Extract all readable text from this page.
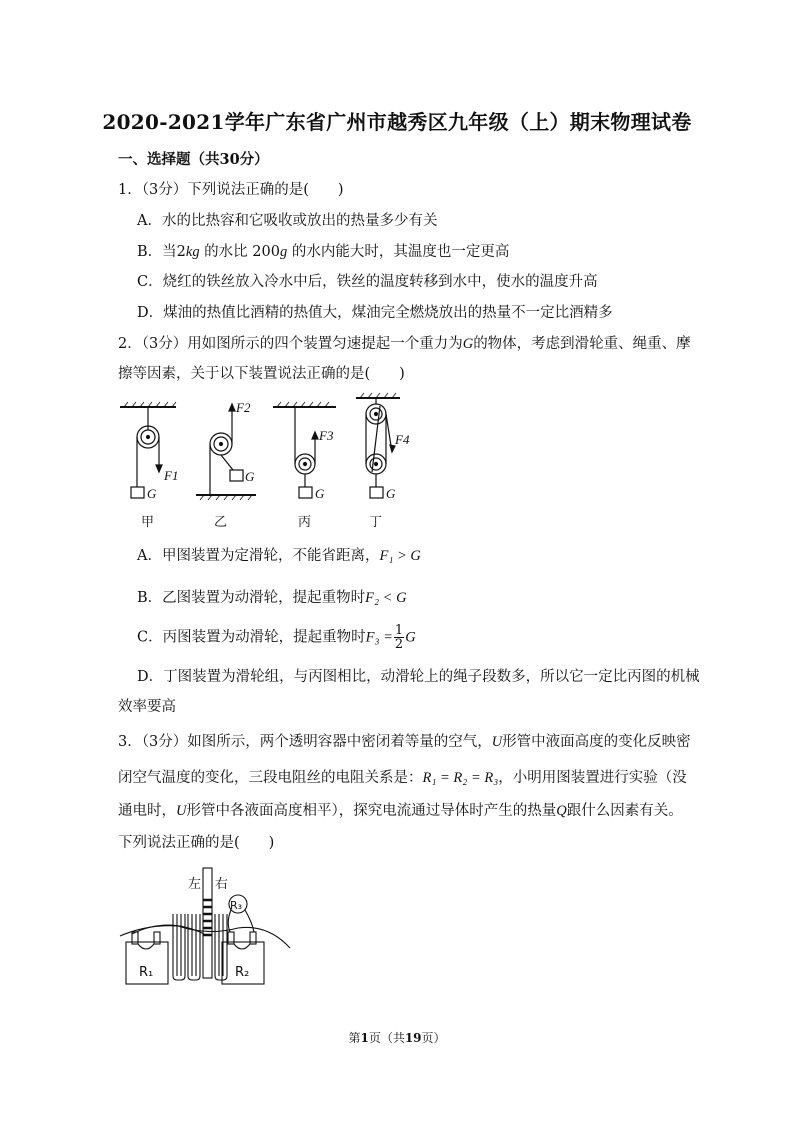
2020-2021学年广东省广州市越秀区九年级（上）期末物理试卷
一、选择题（共30分）
1．（3分）下列说法正确的是(　　)
A．水的比热容和它吸收或放出的热量多少有关
B．当2kg 的水比 200g 的水内能大时，其温度也一定更高
C．烧红的铁丝放入冷水中后，铁丝的温度转移到水中，使水的温度升高
D．煤油的热值比酒精的热值大，煤油完全燃烧放出的热量不一定比酒精多
2．（3分）用如图所示的四个装置匀速提起一个重力为G的物体，考虑到滑轮重、绳重、摩
擦等因素，关于以下装置说法正确的是(　　)
F1
F2
F3	F4
G
G
G	G
甲	乙	丙	丁
A．甲图装置为定滑轮，不能省距离，F₁ > G
B．乙图装置为动滑轮，提起重物时F₂ < G
C．丙图装置为动滑轮，提起重物时$F_3 = \frac{1}{2}$ G
D．丁图装置为滑轮组，与丙图相比，动滑轮上的绳子段数多，所以它一定比丙图的机械
效率要高
3．（3分）如图所示，两个透明容器中密闭着等量的空气，U形管中液面高度的变化反映密
闭空气温度的变化，三段电阻丝的电阻关系是：R₁ = R₂ = R₃，小明用图装置进行实验（没
通电时，U形管中各液面高度相平），探究电流通过导体时产生的热量Q跟什么因素有关。
下列说法正确的是(　　)
左 右
R₁	R₂
R₃
第1页（共19页）
